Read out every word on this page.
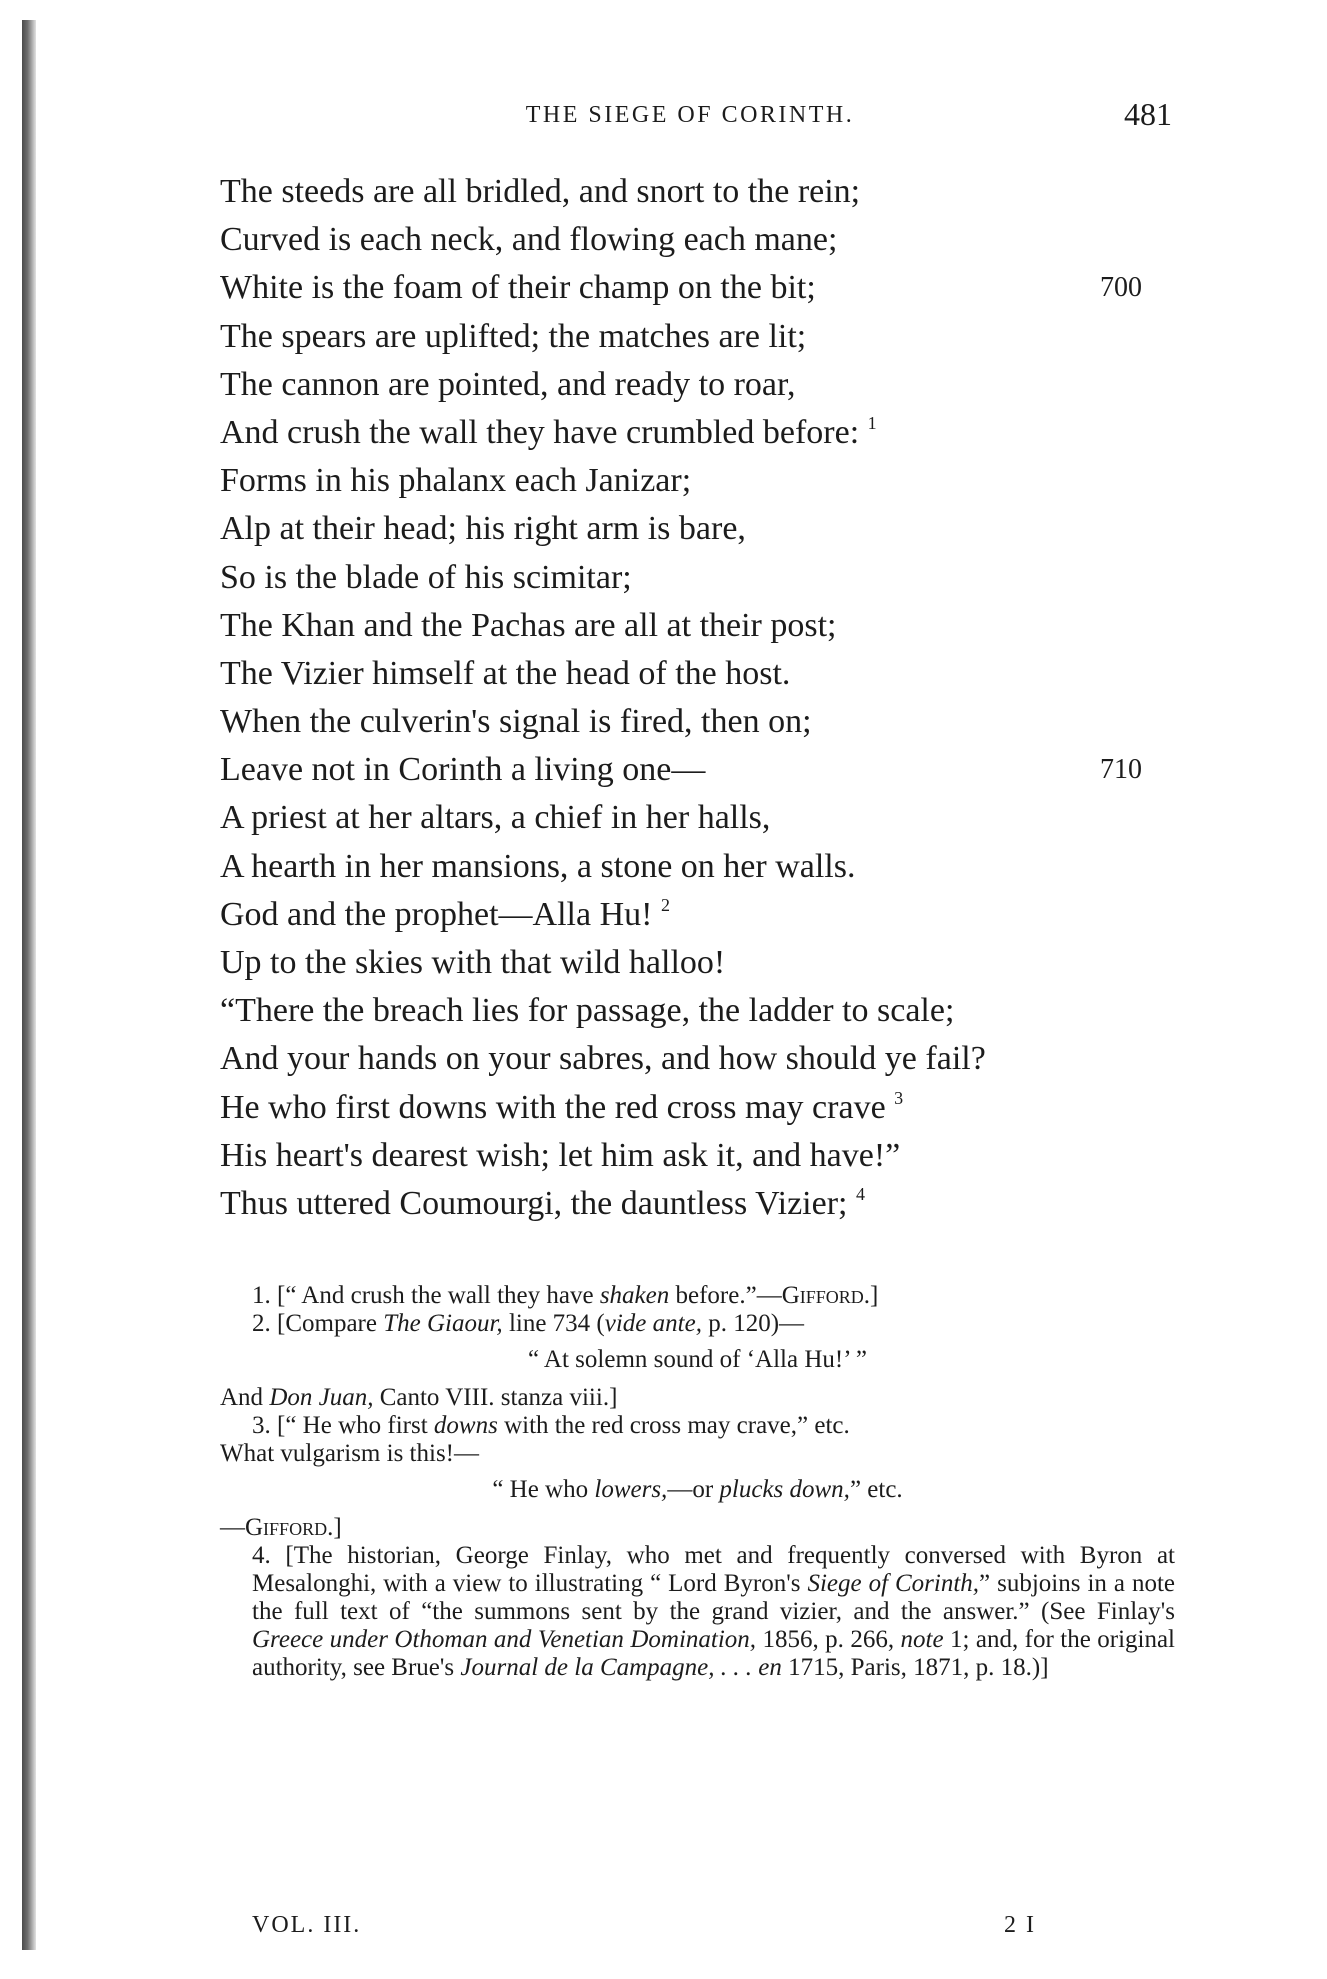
THE SIEGE OF CORINTH.	481
The steeds are all bridled, and snort to the rein;
Curved is each neck, and flowing each mane;
White is the foam of their champ on the bit;	700
The spears are uplifted; the matches are lit;
The cannon are pointed, and ready to roar,
And crush the wall they have crumbled before: $^1$
Forms in his phalanx each Janizar;
Alp at their head; his right arm is bare,
So is the blade of his scimitar;
The Khan and the Pachas are all at their post;
The Vizier himself at the head of the host.
When the culverin's signal is fired, then on;
Leave not in Corinth a living one—	710
A priest at her altars, a chief in her halls,
A hearth in her mansions, a stone on her walls.
God and the prophet—Alla Hu! $^2$
Up to the skies with that wild halloo!
“There the breach lies for passage, the ladder to scale;
And your hands on your sabres, and how should ye fail?
He who first downs with the red cross may crave $^3$
His heart's dearest wish; let him ask it, and have!”
Thus uttered Coumourgi, the dauntless Vizier; $^4$

1. [“ And crush the wall they have shaken before.”—Gifford.]

2. [Compare The Giaour, line 734 (vide ante, p. 120)—

“ At solemn sound of ‘Alla Hu!’ ”

And Don Juan, Canto VIII. stanza viii.]

3. [“ He who first downs with the red cross may crave,” etc.

What vulgarism is this!—

“ He who lowers,—or plucks down,” etc.

—Gifford.]

4. [The historian, George Finlay, who met and frequently conversed with Byron at Mesalonghi, with a view to illustrating “ Lord Byron's Siege of Corinth,” subjoins in a note the full text of “the summons sent by the grand vizier, and the answer.” (See Finlay's Greece under Othoman and Venetian Domination, 1856, p. 266, note 1; and, for the original authority, see Brue's Journal de la Campagne, . . . en 1715, Paris, 1871, p. 18.)]

VOL. III.	2 I
